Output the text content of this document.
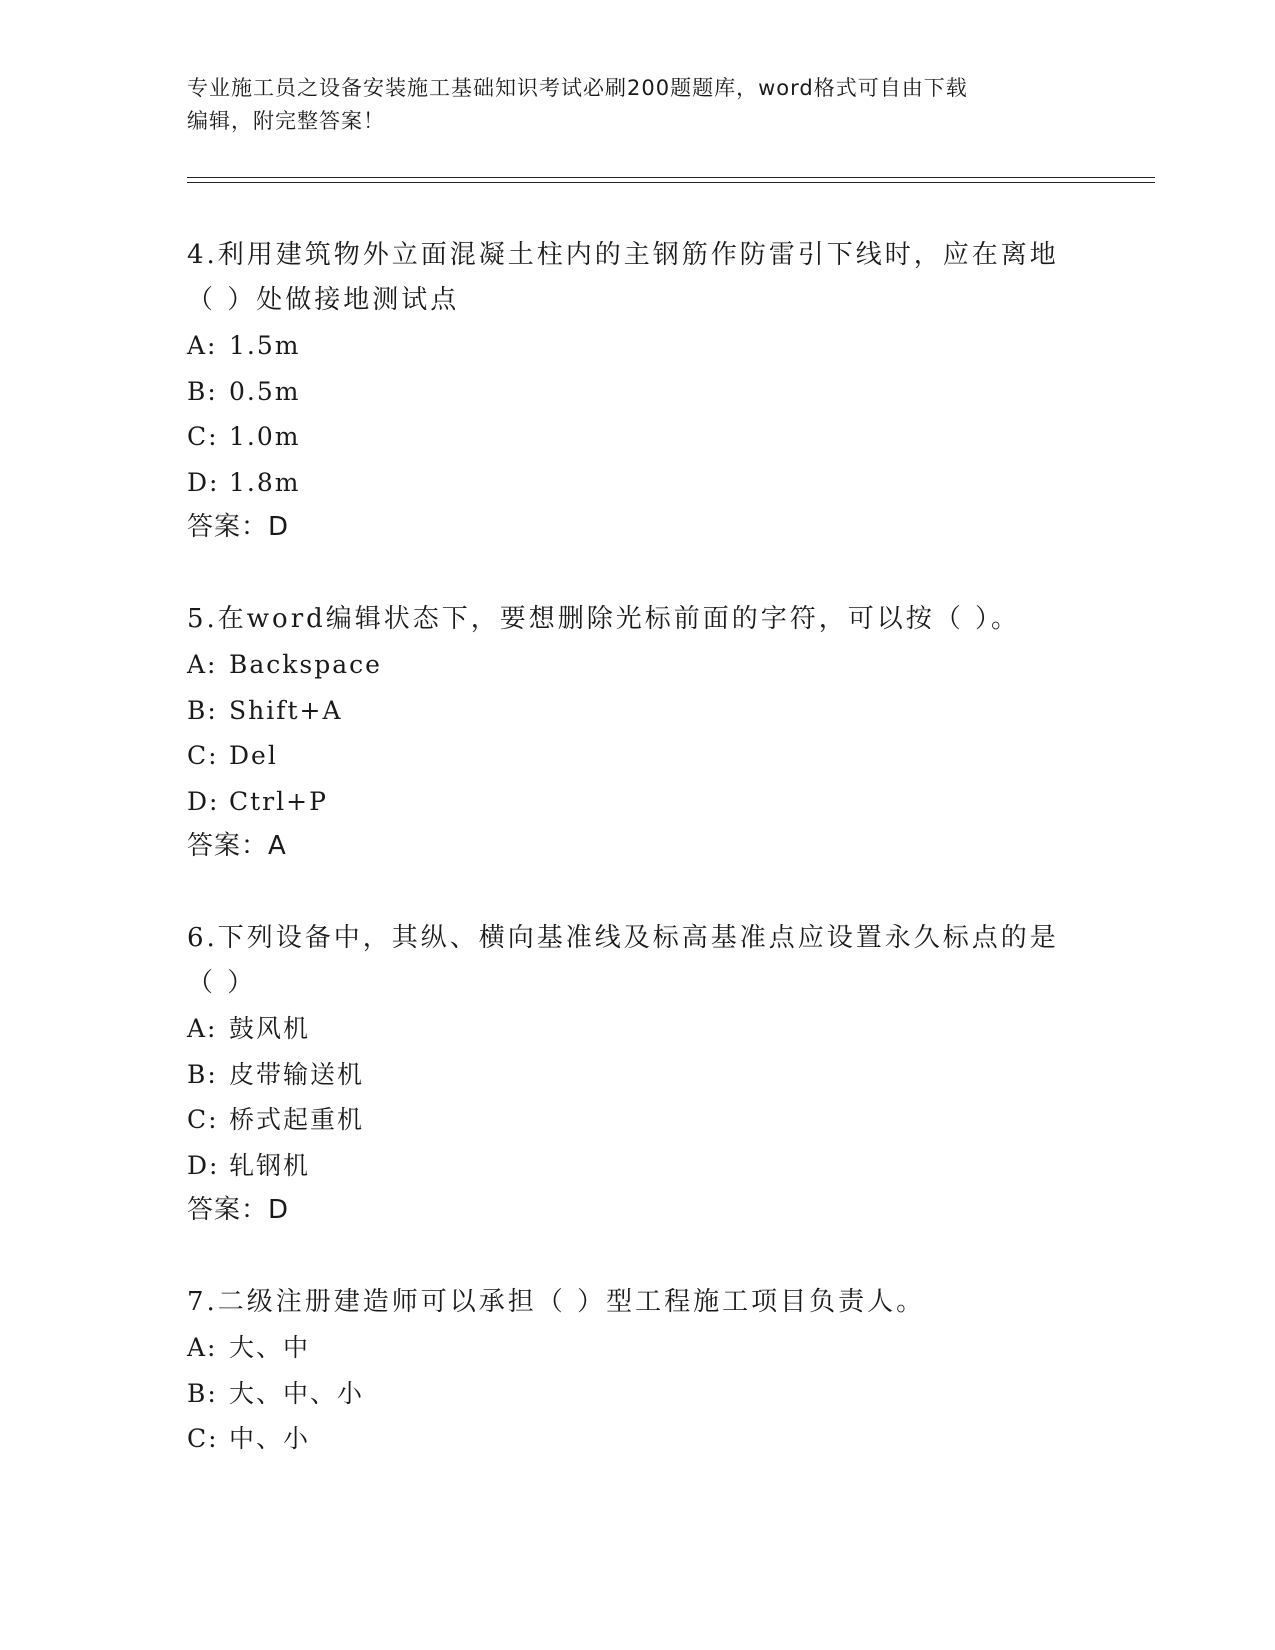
专业施工员之设备安装施工基础知识考试必刷200题题库，word格式可自由下载
编辑，附完整答案！
4.利用建筑物外立面混凝土柱内的主钢筋作防雷引下线时，应在离地
（ ）处做接地测试点
A: 1.5m
B: 0.5m
C: 1.0m
D: 1.8m
答案：D
5.在word编辑状态下，要想删除光标前面的字符，可以按（ ）。
A: Backspace
B: Shift+A
C: Del
D: Ctrl+P
答案：A
6.下列设备中，其纵、横向基准线及标高基准点应设置永久标点的是
（ ）
A: 鼓风机
B: 皮带输送机
C: 桥式起重机
D: 轧钢机
答案：D
7.二级注册建造师可以承担（ ）型工程施工项目负责人。
A: 大、中
B: 大、中、小
C: 中、小
